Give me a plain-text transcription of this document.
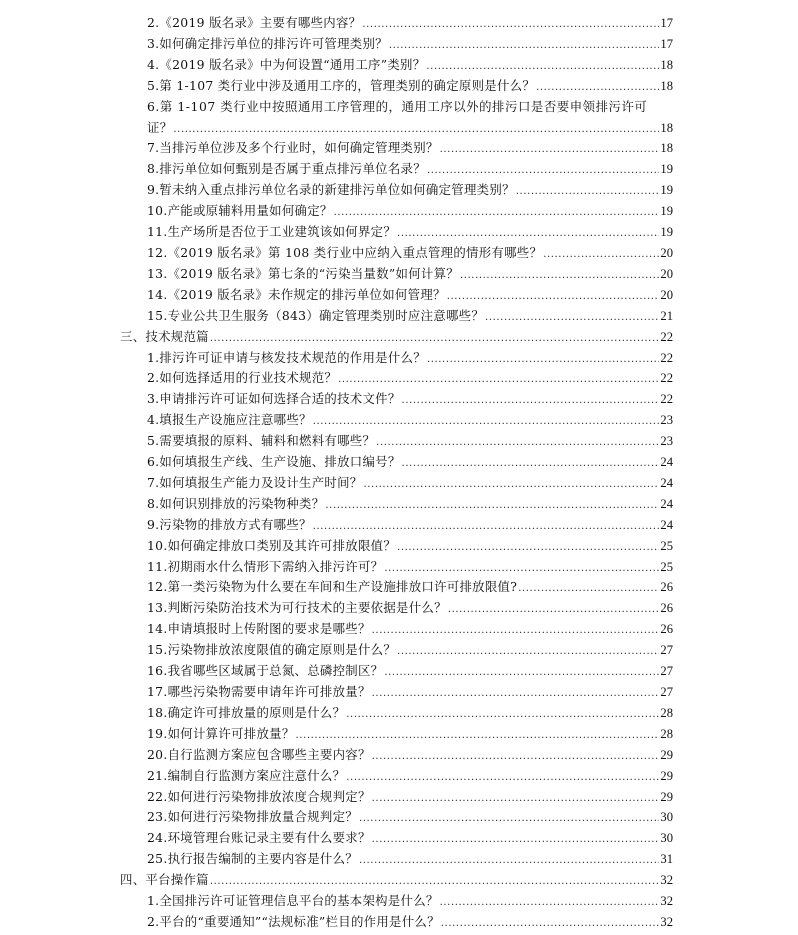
2.《2019 版名录》主要有哪些内容？ .....	17
3.如何确定排污单位的排污许可管理类别？ .....	17
4.《2019 版名录》中为何设置“通用工序”类别？ .....	18
5.第 1-107 类行业中涉及通用工序的，管理类别的确定原则是什么？ .....	18
6.第 1-107 类行业中按照通用工序管理的，通用工序以外的排污口是否要申领排污许可
证？ .....	18
7.当排污单位涉及多个行业时，如何确定管理类别？ .....	18
8.排污单位如何甄别是否属于重点排污单位名录？ .....	19
9.暂未纳入重点排污单位名录的新建排污单位如何确定管理类别？ .....	19
10.产能或原辅料用量如何确定？ .....	19
11.生产场所是否位于工业建筑该如何界定？ .....	19
12.《2019 版名录》第 108 类行业中应纳入重点管理的情形有哪些？ .....	20
13.《2019 版名录》第七条的“污染当量数”如何计算？ .....	20
14.《2019 版名录》未作规定的排污单位如何管理？ .....	20
15.专业公共卫生服务（843）确定管理类别时应注意哪些？ .....	21
三、技术规范篇 .....	22
1.排污许可证申请与核发技术规范的作用是什么？ .....	22
2.如何选择适用的行业技术规范？ .....	22
3.申请排污许可证如何选择合适的技术文件？ .....	22
4.填报生产设施应注意哪些？ .....	23
5.需要填报的原料、辅料和燃料有哪些？ .....	23
6.如何填报生产线、生产设施、排放口编号？ .....	24
7.如何填报生产能力及设计生产时间？ .....	24
8.如何识别排放的污染物种类？ .....	24
9.污染物的排放方式有哪些？ .....	24
10.如何确定排放口类别及其许可排放限值？ .....	25
11.初期雨水什么情形下需纳入排污许可？ .....	25
12.第一类污染物为什么要在车间和生产设施排放口许可排放限值? .....	26
13.判断污染防治技术为可行技术的主要依据是什么？ .....	26
14.申请填报时上传附图的要求是哪些？ .....	26
15.污染物排放浓度限值的确定原则是什么？ .....	27
16.我省哪些区域属于总氮、总磷控制区？ .....	27
17.哪些污染物需要申请年许可排放量？ .....	27
18.确定许可排放量的原则是什么？ .....	28
19.如何计算许可排放量？ .....	28
20.自行监测方案应包含哪些主要内容？ .....	29
21.编制自行监测方案应注意什么？ .....	29
22.如何进行污染物排放浓度合规判定？ .....	29
23.如何进行污染物排放量合规判定？ .....	30
24.环境管理台账记录主要有什么要求？ .....	30
25.执行报告编制的主要内容是什么？ .....	31
四、平台操作篇 .....	32
1.全国排污许可证管理信息平台的基本架构是什么？ .....	32
2.平台的“重要通知”“法规标准”栏目的作用是什么？ .....	32
